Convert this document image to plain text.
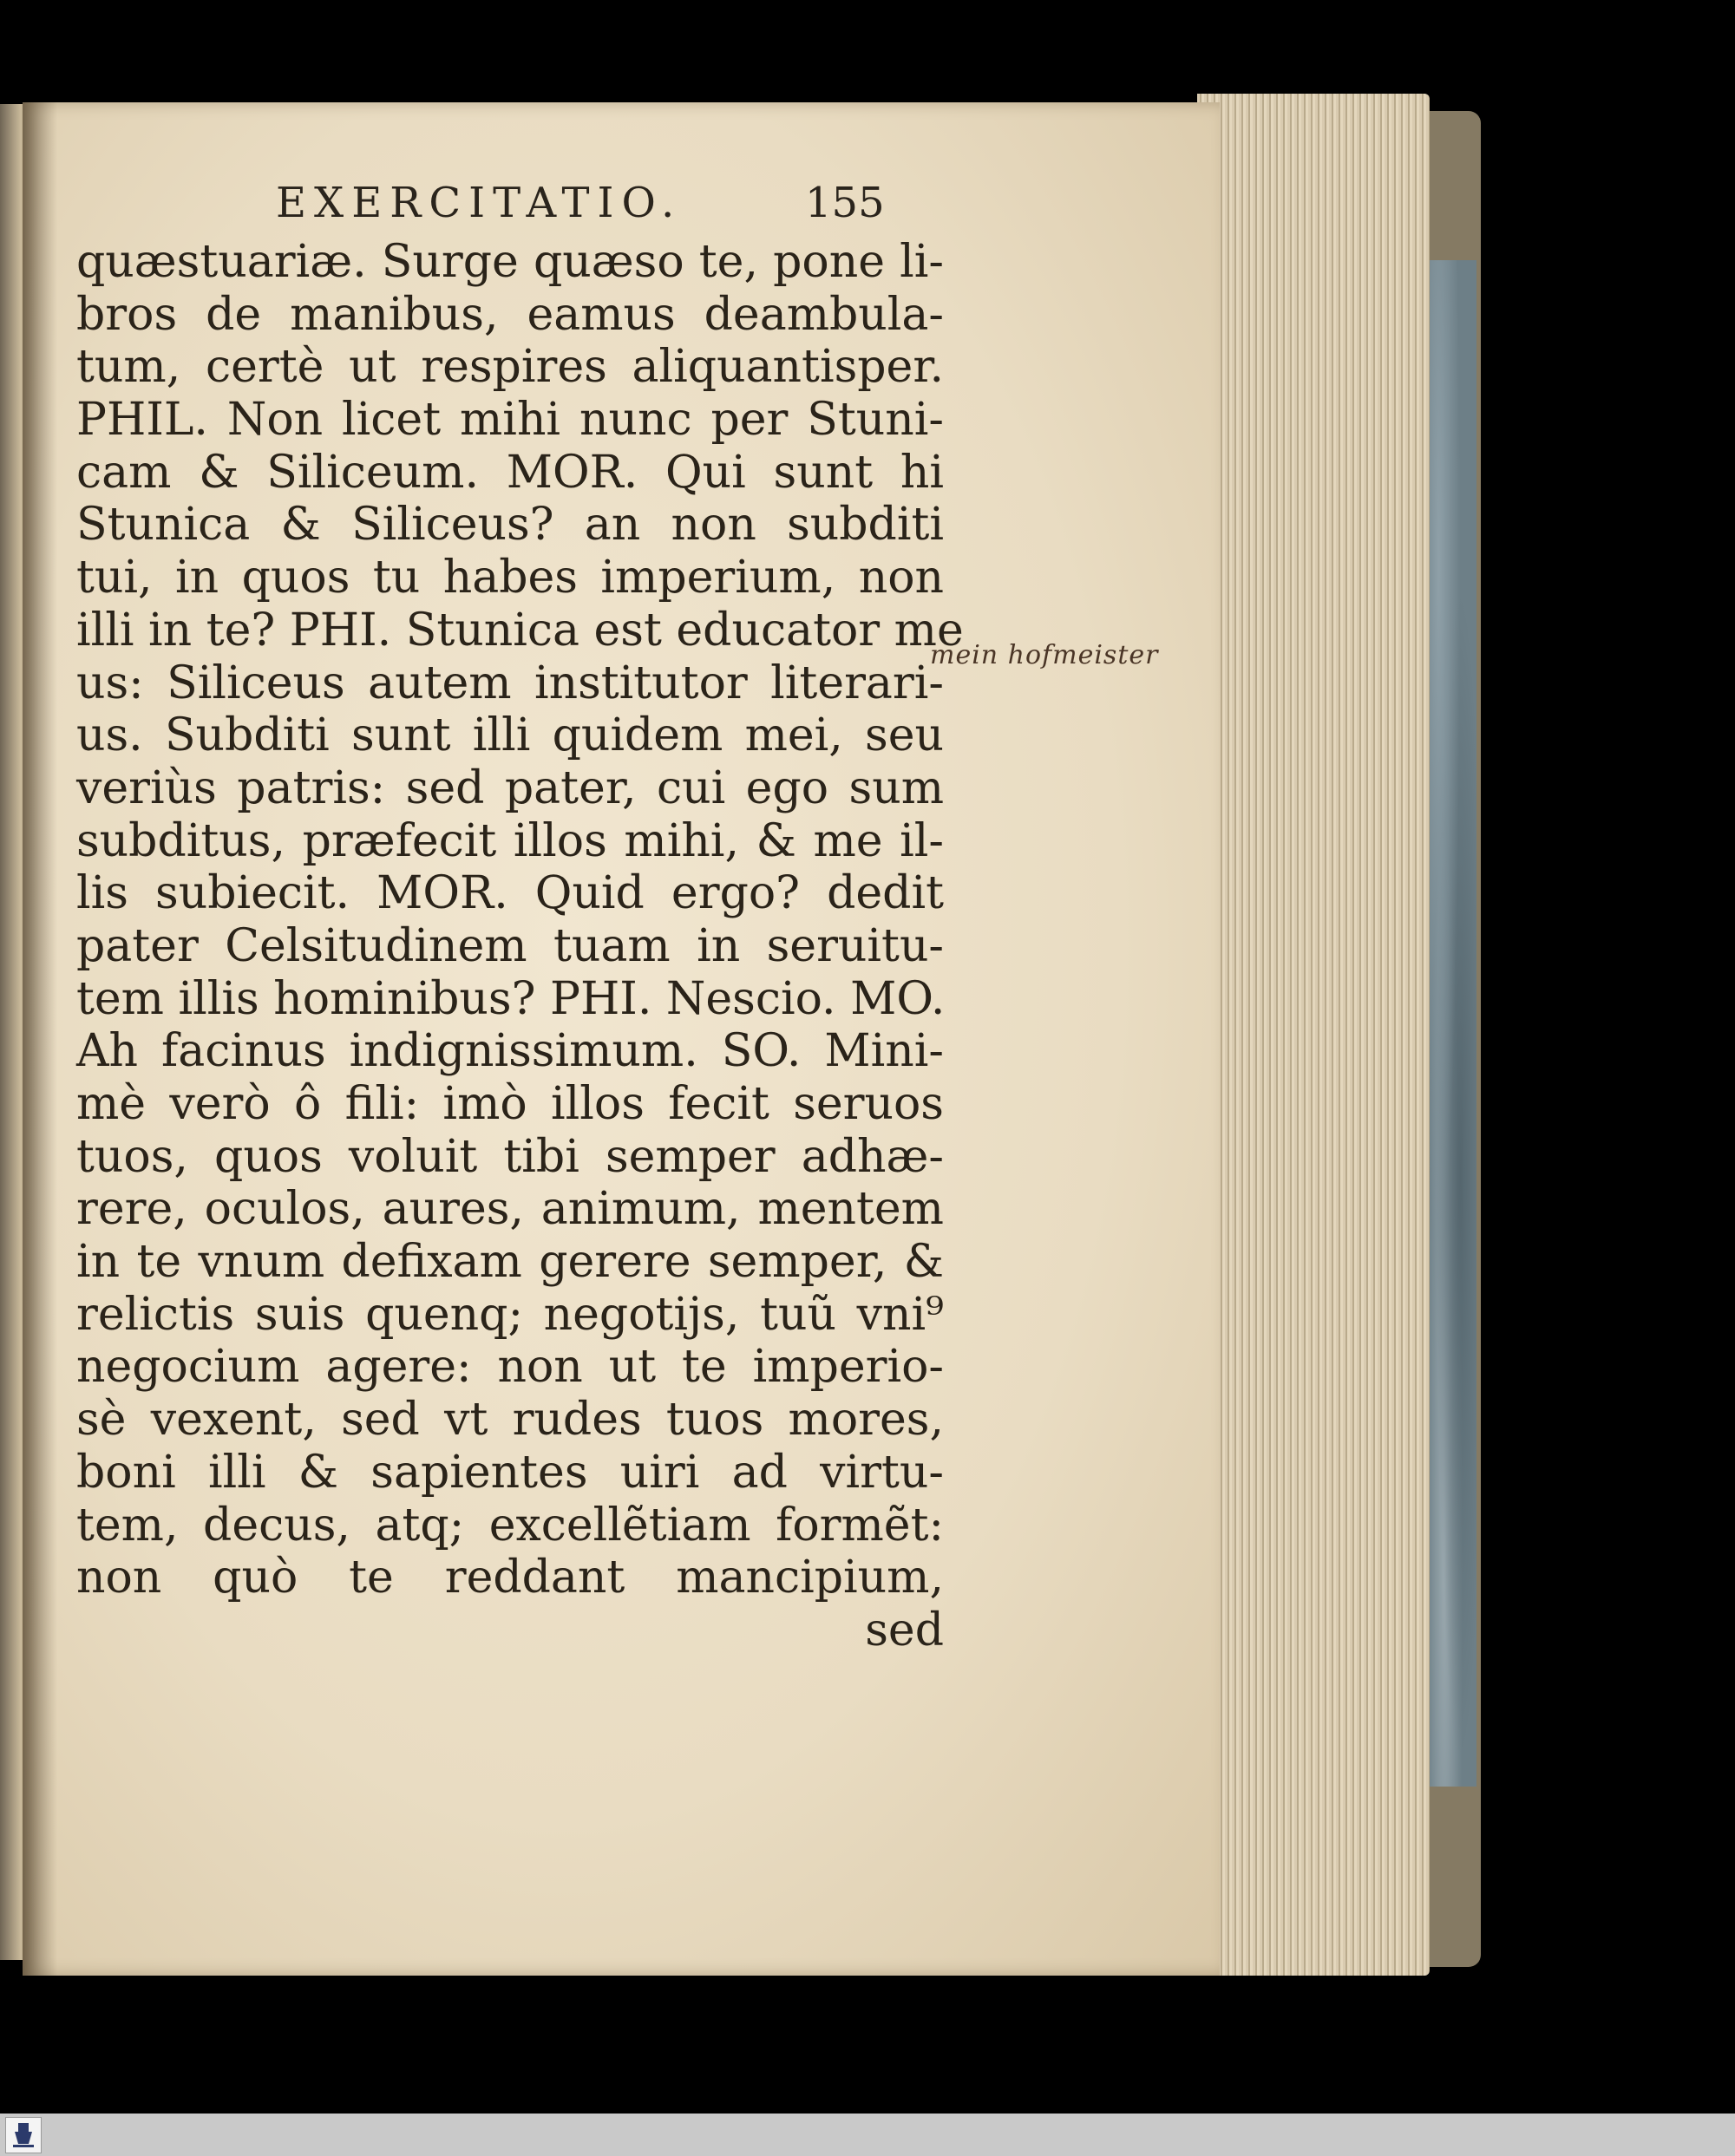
EXERCITATIO.	155
quæstuariæ. Surge quæso te, pone li-
bros de manibus, eamus deambula-
tum, certè ut respires aliquantisper.
PHIL. Non licet mihi nunc per Stuni-
cam & Siliceum. MOR. Qui sunt hi
Stunica & Siliceus? an non subditi
tui, in quos tu habes imperium, non
illi in te? PHI. Stunica est educator me
us: Siliceus autem institutor literari-
us. Subditi sunt illi quidem mei, seu
veriùs patris: sed pater, cui ego sum
subditus, præfecit illos mihi, & me il-
lis subiecit. MOR. Quid ergo? dedit
pater Celsitudinem tuam in seruitu-
tem illis hominibus? PHI. Nescio. MO.
Ah facinus indignissimum. SO. Mini-
mè verò ô fili: imò illos fecit seruos
tuos, quos voluit tibi semper adhæ-
rere, oculos, aures, animum, mentem
in te vnum defixam gerere semper, &
relictis suis quenq; negotijs, tuũ vni⁹
negocium agere: non ut te imperio-
sè vexent, sed vt rudes tuos mores,
boni illi & sapientes uiri ad virtu-
tem, decus, atq; excellẽtiam formẽt:
non quò te reddant mancipium,
sed
mein hofmeister
